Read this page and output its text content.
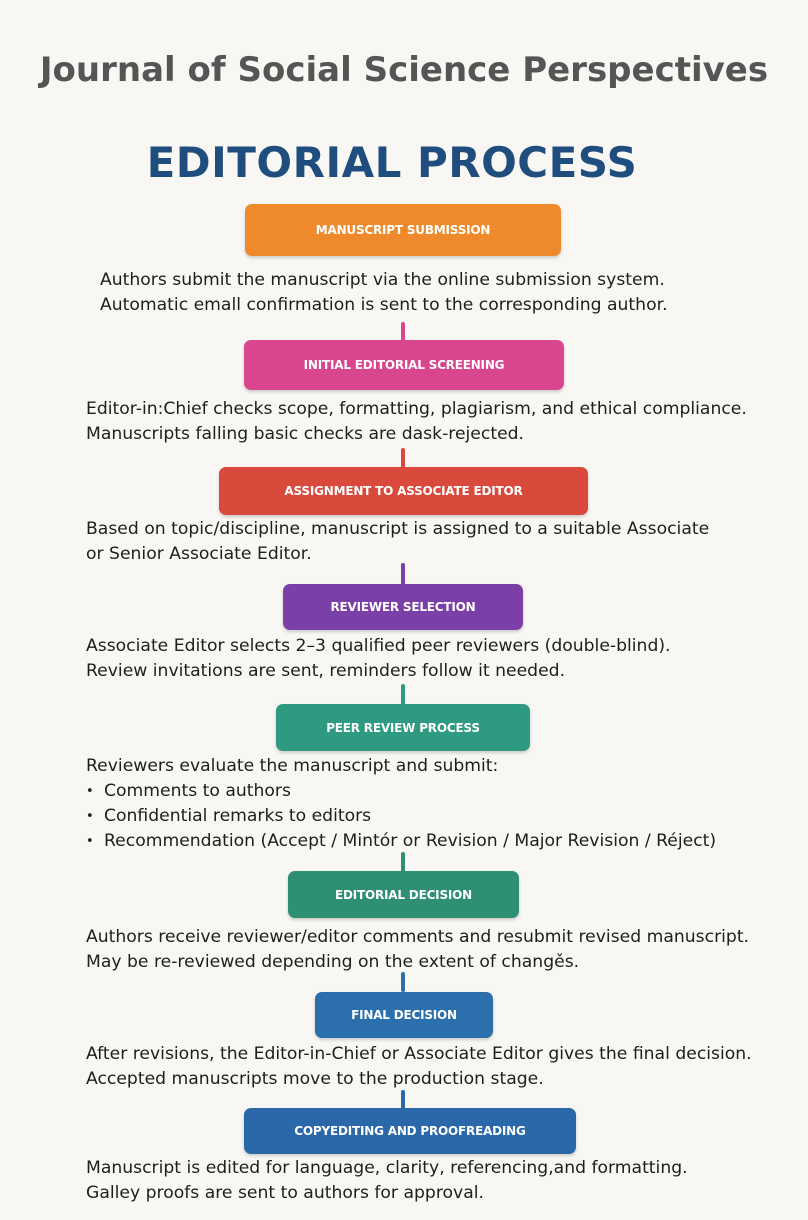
Journal of Social Science Perspectives
EDITORIAL PROCESS
MANUSCRIPT SUBMISSION
Authors submit the manuscript via the online submission system.
Automatic emall confirmation is sent to the corresponding author.
INITIAL EDITORIAL SCREENING
Editor-in:Chief checks scope, formatting, plagiarism, and ethical compliance.
Manuscripts falling basic checks are dask-rejected.
ASSIGNMENT TO ASSOCIATE EDITOR
Based on topic/discipline, manuscript is assigned to a suitable Associate
or Senior Associate Editor.
REVIEWER SELECTION
Associate Editor selects 2–3 qualified peer reviewers (double-blind).
Review invitations are sent, reminders follow it needed.
PEER REVIEW PROCESS
Reviewers evaluate the manuscript and submit:
• Comments to authors
• Confidential remarks to editors
• Recommendation (Accept / Mintór or Revision / Major Revision / Réject)
EDITORIAL DECISION
Authors receive reviewer/editor comments and resubmit revised manuscript.
May be re-reviewed depending on the extent of changěs.
FINAL DECISION
After revisions, the Editor-in-Chief or Associate Editor gives the final decision.
Accepted manuscripts move to the production stage.
COPYEDITING AND PROOFREADING
Manuscript is edited for language, clarity, referencing,and formatting.
Galley proofs are sent to authors for approval.
